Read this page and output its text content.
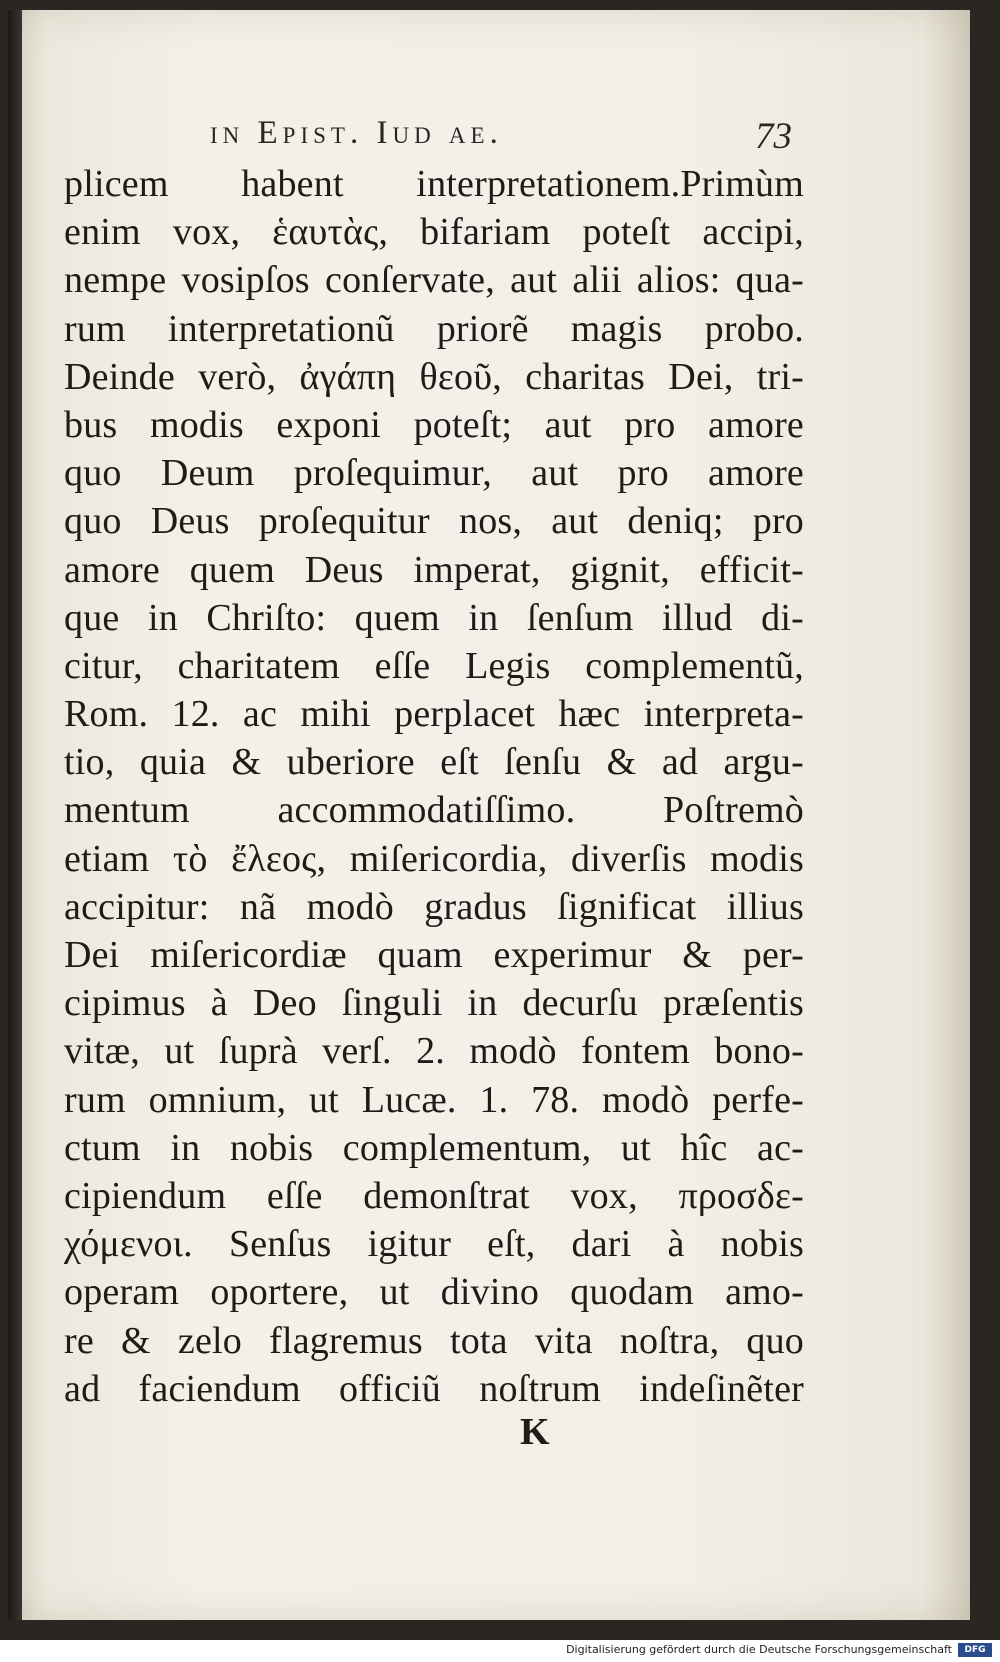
in Epist. Iud ae.	73
plicem habent interpretationem.Primùm
enim vox, ἑαυτὰς, bifariam poteſt accipi,
nempe vosipſos conſervate, aut alii alios: qua-
rum interpretationũ priorẽ magis probo.
Deinde verò, ἀγάπη θεοῦ, charitas Dei, tri-
bus modis exponi poteſt; aut pro amore
quo Deum proſequimur, aut pro amore
quo Deus proſequitur nos, aut deniq; pro
amore quem Deus imperat, gignit, efficit-
que in Chriſto: quem in ſenſum illud di-
citur, charitatem eſſe Legis complementũ,
Rom. 12. ac mihi perplacet hæc interpreta-
tio, quia & uberiore eſt ſenſu & ad argu-
mentum accommodatiſſimo. Poſtremò
etiam τὸ ἔλεος, miſericordia, diverſis modis
accipitur: nã modò gradus ſignificat illius
Dei miſericordiæ quam experimur & per-
cipimus à Deo ſinguli in decurſu præſentis
vitæ, ut ſuprà verſ. 2. modò fontem bono-
rum omnium, ut Lucæ. 1. 78. modò perfe-
ctum in nobis complementum, ut hîc ac-
cipiendum eſſe demonſtrat vox, προσδε-
χόμενοι. Senſus igitur eſt, dari à nobis
operam oportere, ut divino quodam amo-
re & zelo flagremus tota vita noſtra, quo
ad faciendum officiũ noſtrum indeſinẽter
K
Digitalisierung gefördert durch die Deutsche Forschungsgemeinschaft	DFG
